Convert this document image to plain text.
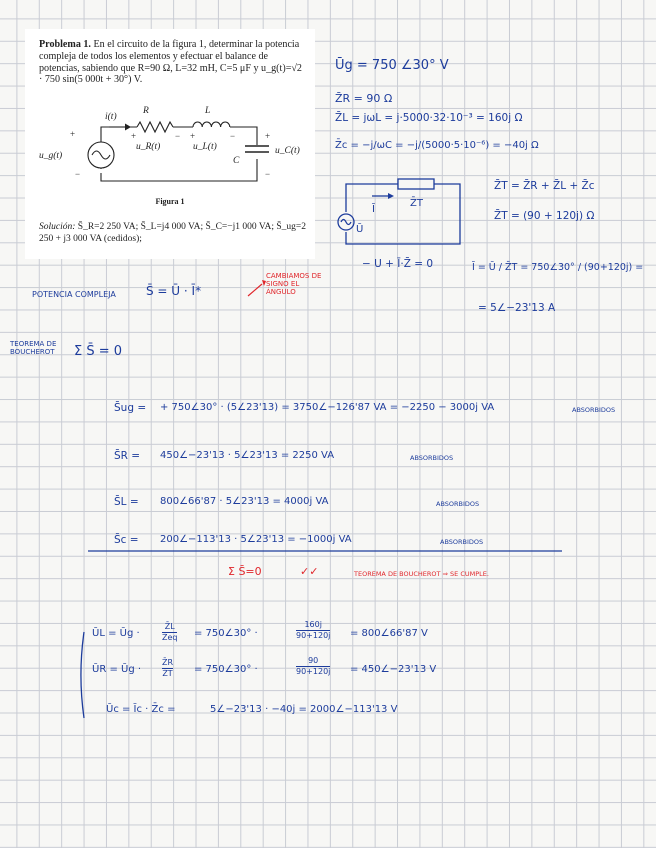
Problema 1. En el circuito de la figura 1, determinar la potencia compleja de todos los elementos y efectuar el balance de potencias, sabiendo que R=90 Ω, L=32 mH, C=5 μF y u_g(t)=√2 · 750 sin(5 000t + 30°) V.
+
−
+	− +	−	+
−
i(t)
R	L
C
u_R(t)	u_L(t)	u_C(t)
u_g(t)
Figura 1
Solución: S̄_R=2 250 VA; S̄_L=j4 000 VA; S̄_C=−j1 000 VA; S̄_ug=2 250 + j3 000 VA (cedidos);
Ūg = 750 ∠30° V
Z̄R = 90 Ω
Z̄L = jωL = j·5000·32·10⁻³ = 160j Ω
Z̄c = −j/ωC = −j/(5000·5·10⁻⁶) = −40j Ω
Ī
Z̄T
Ū
Z̄T = Z̄R + Z̄L + Z̄c
Z̄T = (90 + 120j) Ω
− U + Ī·Z̄ = 0	Ī = Ū / Z̄T = 750∠30° / (90+120j) =
= 5∠−23'13 A
POTENCIA COMPLEJA	S̄ = Ū · Ī*
CAMBIAMOS DE SIGNO EL ÁNGULO
TEOREMA DE BOUCHEROT	Σ S̄ = 0
S̄ug = + 750∠30° · (5∠23'13) = 3750∠−126'87 VA = −2250 − 3000j VA	ABSORBIDOS
S̄R = 450∠−23'13 · 5∠23'13 = 2250 VA	ABSORBIDOS
S̄L = 800∠66'87 · 5∠23'13 = 4000j VA	ABSORBIDOS
S̄c = 200∠−113'13 · 5∠23'13 = −1000j VA	ABSORBIDOS
Σ S̄=0	✓✓	TEOREMA DE BOUCHEROT ⇒ SE CUMPLE.
ŪL = Ūg ·	$\frac{Z̄L}{Z̄eq}$ = 750∠30° ·
160j
90+120j = 800∠66'87 V
ŪR = Ūg ·	$\frac{Z̄R}{Z̄T}$ = 750∠30° ·
90
90+120j = 450∠−23'13 V
Ūc = Īc · Z̄c =	5∠−23'13 · −40j = 2000∠−113'13 V
